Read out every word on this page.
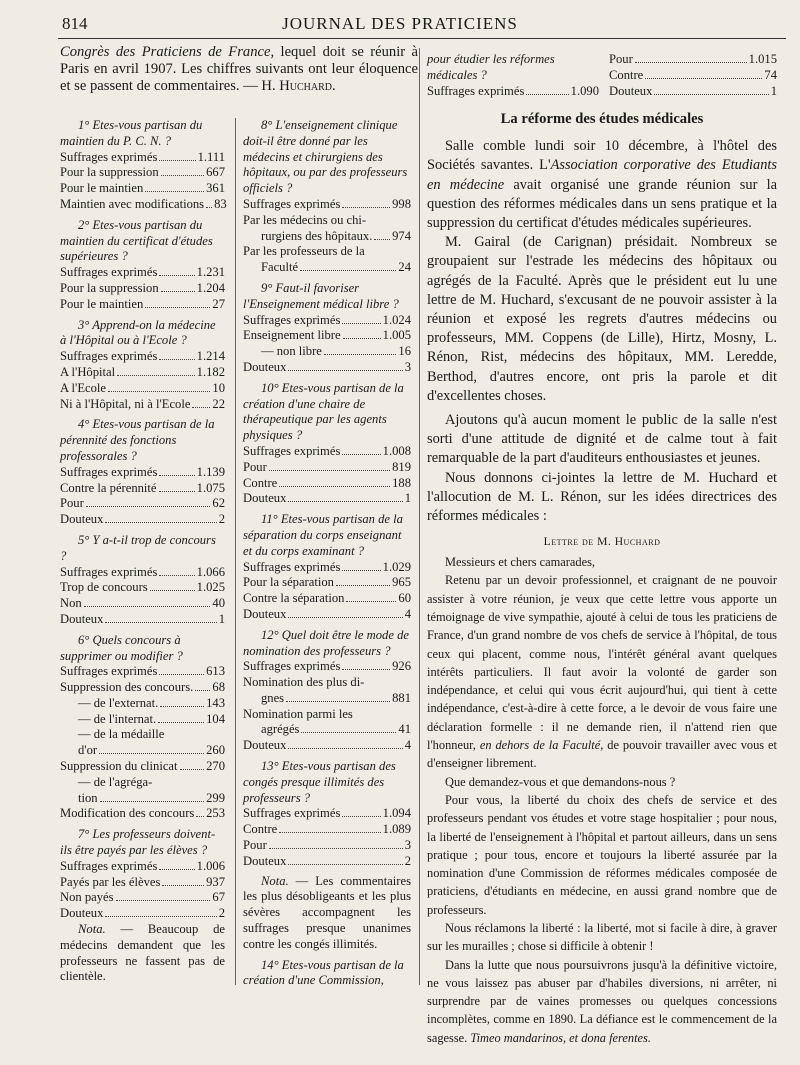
814	JOURNAL DES PRATICIENS
Congrès des Praticiens de France, lequel doit se réunir à Paris en avril 1907. Les chiffres suivants ont leur éloquence et se passent de commentaires. — H. Huchard.
1° Etes-vous partisan du maintien du P. C. N. ?
Suffrages exprimés	1.111
Pour la suppression	667
Pour le maintien	361
Maintien avec modifications 83
2° Etes-vous partisan du maintien du certificat d'études supérieures ?
Suffrages exprimés	1.231
Pour la suppression	1.204
Pour le maintien	27
3° Apprend-on la médecine à l'Hôpital ou à l'Ecole ?
Suffrages exprimés	1.214
A l'Hôpital	1.182
A l'Ecole	10
Ni à l'Hôpital, ni à l'Ecole 22
4° Etes-vous partisan de la pérennité des fonctions professorales ?
Suffrages exprimés	1.139
Contre la pérennité	1.075
Pour	62
Douteux	2
5° Y a-t-il trop de concours ?
Suffrages exprimés	1.066
Trop de concours	1.025
Non	40
Douteux	1
6° Quels concours à supprimer ou modifier ?
Suffrages exprimés	613
Suppression des concours. 68
— de l'externat.	143
— de l'internat.	104
— de la médaille
d'or	260
Suppression du clinicat 270
— de l'agréga-
tion	299
Modification des concours 253
7° Les professeurs doivent-ils être payés par les élèves ?
Suffrages exprimés	1.006
Payés par les élèves	937
Non payés	67
Douteux	2
Nota. — Beaucoup de médecins demandent que les professeurs ne fassent pas de clientèle.
8° L'enseignement clinique doit-il être donné par les médecins et chirurgiens des hôpitaux, ou par des professeurs officiels ?
Suffrages exprimés	998
Par les médecins ou chi-
rurgiens des hôpitaux. 974
Par les professeurs de la
Faculté	24
9° Faut-il favoriser l'Enseignement médical libre ?
Suffrages exprimés	1.024
Enseignement libre	1.005
— non libre	16
Douteux	3
10° Etes-vous partisan de la création d'une chaire de thérapeutique par les agents physiques ?
Suffrages exprimés	1.008
Pour	819
Contre	188
Douteux	1
11° Etes-vous partisan de la séparation du corps enseignant et du corps examinant ?
Suffrages exprimés	1.029
Pour la séparation	965
Contre la séparation	60
Douteux	4
12° Quel doit être le mode de nomination des professeurs ?
Suffrages exprimés	926
Nomination des plus di-
gnes	881
Nomination parmi les
agrégés	41
Douteux	4
13° Etes-vous partisan des congés presque illimités des professeurs ?
Suffrages exprimés	1.094
Contre	1.089
Pour	3
Douteux	2
Nota. — Les commentaires les plus désobligeants et les plus sévères accompagnent les suffrages presque unanimes contre les congés illimités.
14° Etes-vous partisan de la création d'une Commission,
pour étudier les réformes médicales ?
Suffrages exprimés	1.090
Pour	1.015
Contre	74
Douteux	1
La réforme des études médicales

Salle comble lundi soir 10 décembre, à l'hôtel des Sociétés savantes. L'Association corporative des Etudiants en médecine avait organisé une grande réunion sur la question des réformes médicales dans un sens pratique et la suppression du certificat d'études médicales supérieures.

M. Gairal (de Carignan) présidait. Nombreux se groupaient sur l'estrade les médecins des hôpitaux ou agrégés de la Faculté. Après que le président eut lu une lettre de M. Huchard, s'excusant de ne pouvoir assister à la réunion et exposé les regrets d'autres médecins ou professeurs, MM. Coppens (de Lille), Hirtz, Mosny, L. Rénon, Rist, médecins des hôpitaux, MM. Leredde, Berthod, d'autres encore, ont pris la parole et dit d'excellentes choses.

Ajoutons qu'à aucun moment le public de la salle n'est sorti d'une attitude de dignité et de calme tout à fait remarquable de la part d'auditeurs enthousiastes et jeunes.

Nous donnons ci-jointes la lettre de M. Huchard et l'allocution de M. L. Rénon, sur les idées directrices des réformes médicales :

Lettre de M. Huchard

Messieurs et chers camarades,

Retenu par un devoir professionnel, et craignant de ne pouvoir assister à votre réunion, je veux que cette lettre vous apporte un témoignage de vive sympathie, ajouté à celui de tous les praticiens de France, d'un grand nombre de vos chefs de service à l'hôpital, de tous ceux qui placent, comme nous, l'intérêt général avant quelques intérêts particuliers. Il faut avoir la volonté de garder son indépendance, et celui qui vous écrit aujourd'hui, qui tient à cette indépendance, c'est-à-dire à cette force, a le devoir de vous faire une déclaration formelle : il ne demande rien, il n'attend rien que l'honneur, en dehors de la Faculté, de pouvoir travailler avec vous et d'enseigner librement.

Que demandez-vous et que demandons-nous ?

Pour vous, la liberté du choix des chefs de service et des professeurs pendant vos études et votre stage hospitalier ; pour nous, la liberté de l'enseignement à l'hôpital et partout ailleurs, dans un sens pratique ; pour tous, encore et toujours la liberté assurée par la nomination d'une Commission de réformes médicales composée de praticiens, d'étudiants en médecine, en aussi grand nombre que de professeurs.

Nous réclamons la liberté : la liberté, mot si facile à dire, à graver sur les murailles ; chose si difficile à obtenir !

Dans la lutte que nous poursuivrons jusqu'à la définitive victoire, ne vous laissez pas abuser par d'habiles diversions, ni arrêter, ni surprendre par de vaines promesses ou quelques concessions incomplètes, comme en 1890. La défiance est le commencement de la sagesse. Timeo mandarinos, et dona ferentes.
